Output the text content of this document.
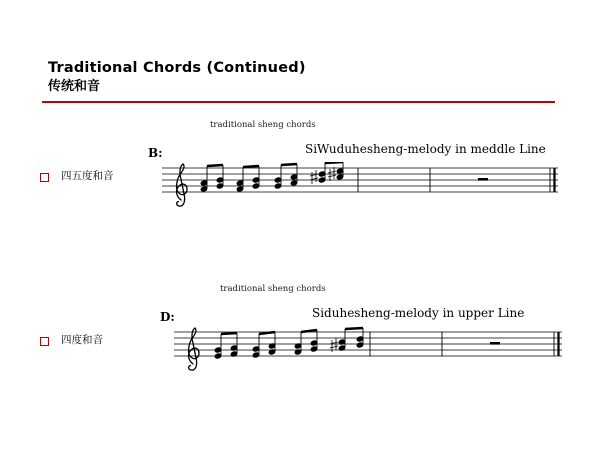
Traditional Chords (Continued)
传统和音
四五度和音
四度和音
traditional sheng chords
B:	SiWuduhesheng-melody in meddle Line
traditional sheng chords
D:	Siduhesheng-melody in upper Line
